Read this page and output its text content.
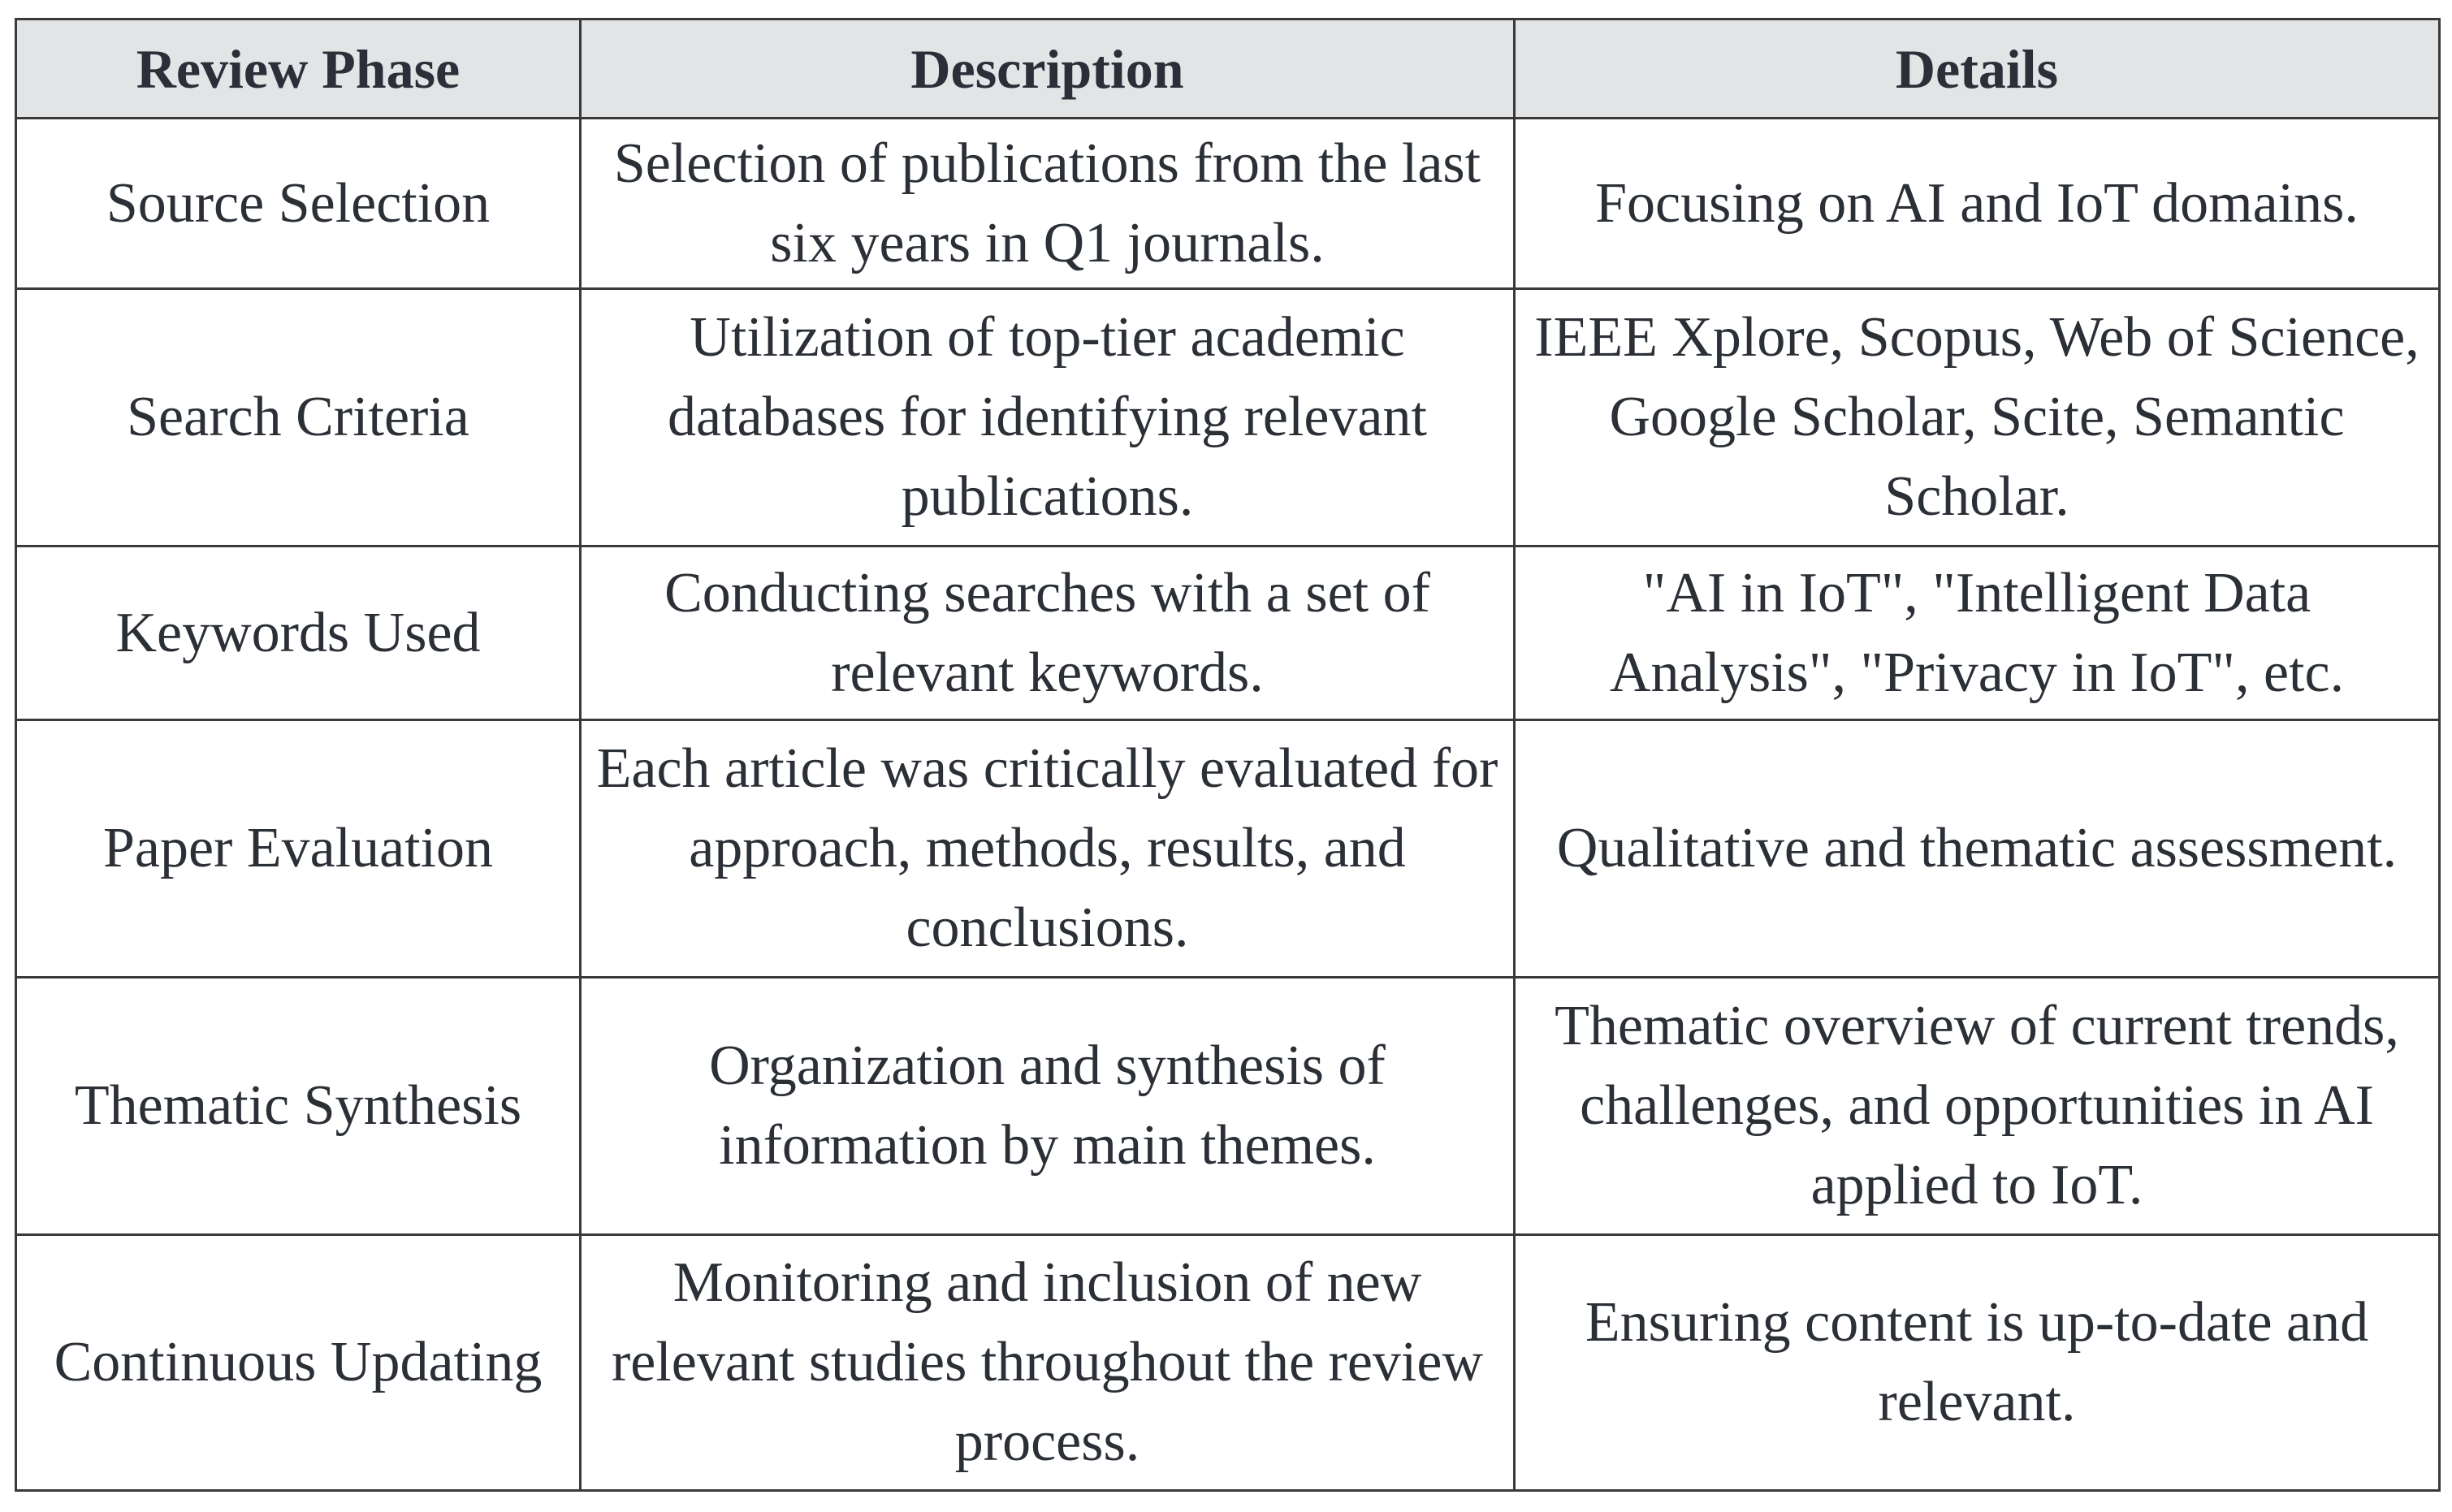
Review Phase	Description	Details
Source Selection	Selection of publications from the last six years in Q1 journals.	Focusing on AI and IoT domains.
Search Criteria	Utilization of top-tier academic databases for identifying relevant publications.	IEEE Xplore, Scopus, Web of Science, Google Scholar, Scite, Semantic Scholar.
Keywords Used	Conducting searches with a set of relevant keywords.	"AI in IoT", "Intelligent Data Analysis", "Privacy in IoT", etc.
Paper Evaluation	Each article was critically evaluated for approach, methods, results, and conclusions.	Qualitative and thematic assessment.
Thematic Synthesis	Organization and synthesis of information by main themes.	Thematic overview of current trends, challenges, and opportunities in AI applied to IoT.
Continuous Updating	Monitoring and inclusion of new relevant studies throughout the review process.	Ensuring content is up-to-date and relevant.
